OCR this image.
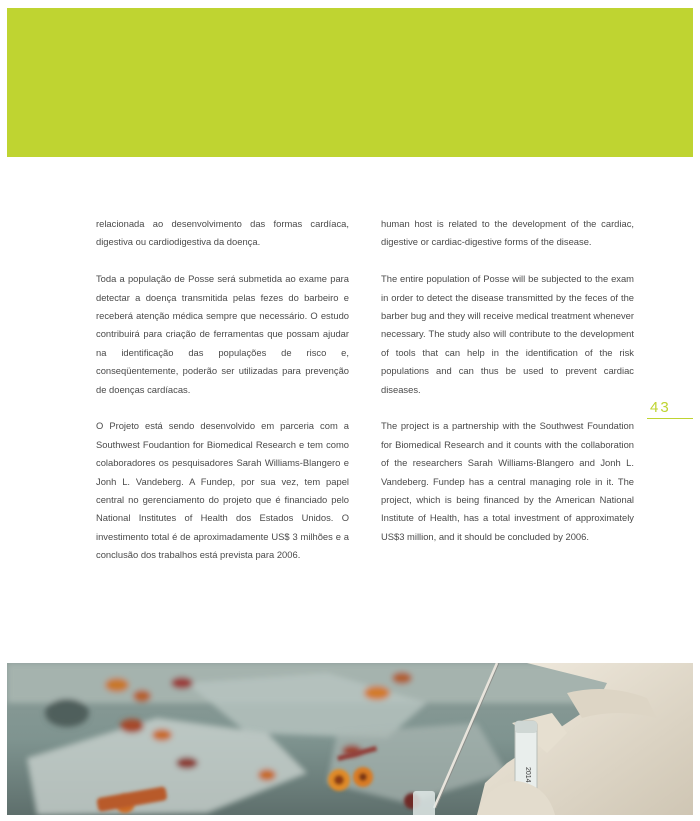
relacionada ao desenvolvimento das formas cardíaca, digestiva ou cardiodigestiva da doença.

Toda a população de Posse será submetida ao exame para detectar a doença transmitida pelas fezes do barbeiro e receberá atenção médica sempre que necessário. O estudo contribuirá para criação de ferramentas que possam ajudar na identificação das populações de risco e, conseqüentemente, poderão ser utilizadas para prevenção de doenças cardíacas.

O Projeto está sendo desenvolvido em parceria com a Southwest Foudantion for Biomedical Research e tem como colaboradores os pesquisadores Sarah Williams-Blangero e Jonh L. Vandeberg. A Fundep, por sua vez, tem papel central no gerenciamento do projeto que é financiado pelo National Institutes of Health dos Estados Unidos. O investimento total é de aproximadamente US$ 3 milhões e a conclusão dos trabalhos está prevista para 2006.

human host is related to the development of the cardiac, digestive or cardiac-digestive forms of the disease.

The entire population of Posse will be subjected to the exam in order to detect the disease transmitted by the feces of the barber bug and they will receive medical treatment whenever necessary. The study also will contribute to the development of tools that can help in the identification of the risk populations and can thus be used to prevent cardiac diseases.

The project is a partnership with the Southwest Foundation for Biomedical Research and it counts with the collaboration of the researchers Sarah Williams-Blangero and Jonh L. Vandeberg. Fundep has a central managing role in it. The project, which is being financed by the American National Institute of Health, has a total investment of approximately US$3 million, and it should be concluded by 2006.

43
2014
